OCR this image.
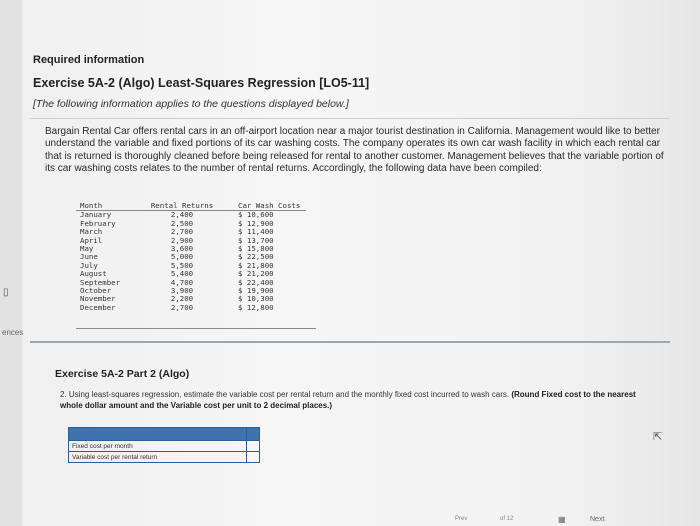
▯
ences
Required information
Exercise 5A-2 (Algo) Least-Squares Regression [LO5-11]
[The following information applies to the questions displayed below.]
Bargain Rental Car offers rental cars in an off-airport location near a major tourist destination in California. Management would like to better understand the variable and fixed portions of its car washing costs. The company operates its own car wash facility in which each rental car that is returned is thoroughly cleaned before being released for rental to another customer. Management believes that the variable portion of its car washing costs relates to the number of rental returns. Accordingly, the following data have been compiled:
Month	Rental Returns	Car Wash Costs
January	2,400	$ 10,600
February	2,500	$ 12,900
March	2,700	$ 11,400
April	2,900	$ 13,700
May	3,600	$ 15,800
June	5,000	$ 22,500
July	5,500	$ 21,800
August	5,400	$ 21,200
September	4,700	$ 22,400
October	3,900	$ 19,900
November	2,200	$ 10,300
December	2,700	$ 12,800
Exercise 5A-2 Part 2 (Algo)
2. Using least-squares regression, estimate the variable cost per rental return and the monthly fixed cost incurred to wash cars. (Round Fixed cost to the nearest whole dollar amount and the Variable cost per unit to 2 decimal places.)

Fixed cost per month	
Variable cost per rental return	
Prev	of 12	▦	Next
⇱
